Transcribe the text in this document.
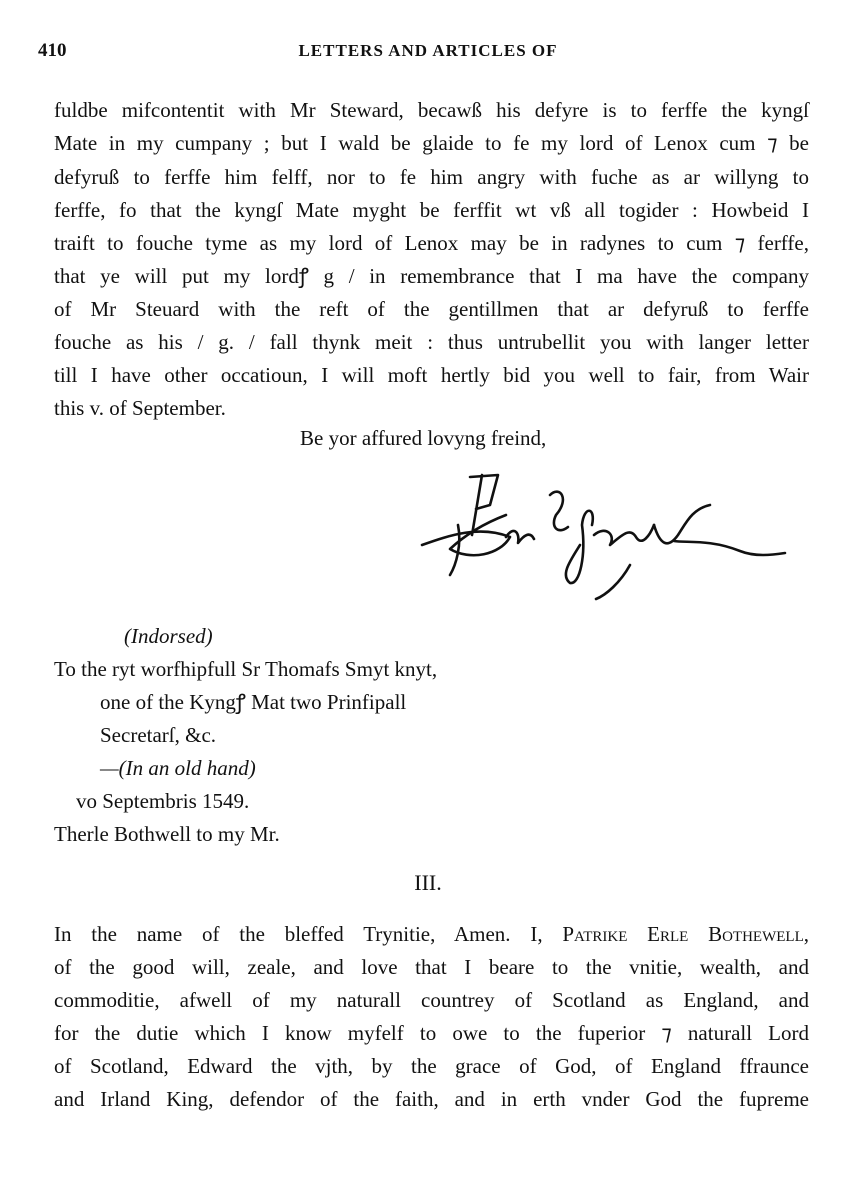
410	LETTERS AND ARTICLES OF
fuldbe mifcontentit with Mr Steward, becawß his defyre is to ferffe the kyngſ
Mate in my cumpany ; but I wald be glaide to fe my lord of Lenox cum ⁊ be
defyruß to ferffe him felff, nor to fe him angry with fuche as ar willyng to
ferffe, fo that the kyngſ Mate myght be ferffit wt vß all togider : Howbeid I
traift to fouche tyme as my lord of Lenox may be in radynes to cum ⁊ ferffe,
that ye will put my lordꝭ g / in remembrance that I ma have the company
of Mr Steuard with the reft of the gentillmen that ar defyruß to ferffe
fouche as his / g. / fall thynk meit : thus untrubellit you with langer letter
till I have other occatioun, I will moft hertly bid you well to fair, from Wair
this v. of September.
Be yor affured lovyng freind,
(Indorsed)
To the ryt worfhipfull Sr Thomafs Smyt knyt,
one of the Kyngꝭ Mat two Prinfipall
Secretarſ, &c.
—(In an old hand)
vo Septembris 1549.
Therle Bothwell to my Mr.
III.
In the name of the bleffed Trynitie, Amen. I, Patrike Erle Bothewell,
of the good will, zeale, and love that I beare to the vnitie, wealth, and
commoditie, afwell of my naturall countrey of Scotland as England, and
for the dutie which I know myfelf to owe to the fuperior ⁊ naturall Lord
of Scotland, Edward the vjth, by the grace of God, of England ffraunce
and Irland King, defendor of the faith, and in erth vnder God the fupreme
